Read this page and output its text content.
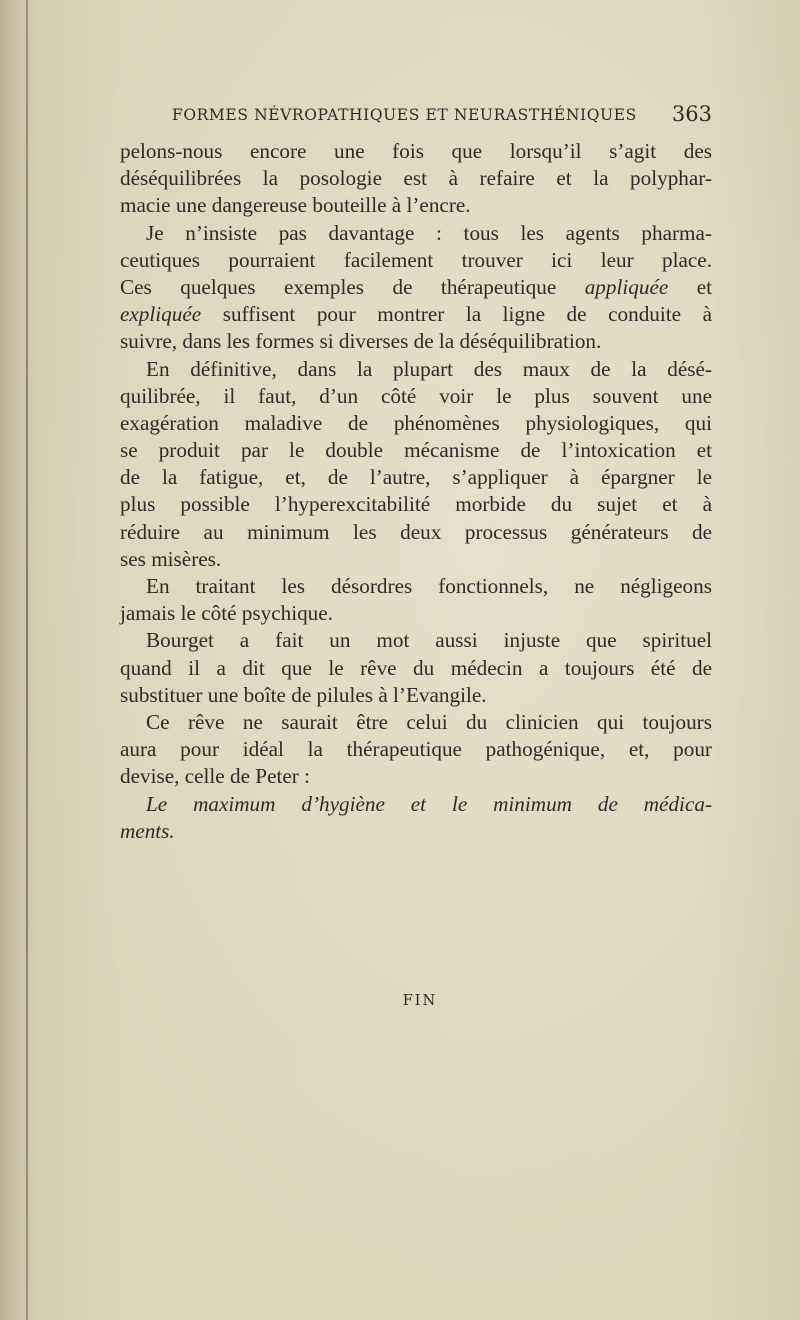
FORMES NÉVROPATHIQUES ET NEURASTHÉNIQUES 363
pelons-nous encore une fois que lorsqu’il s’agit des
déséquilibrées la posologie est à refaire et la polyphar-
macie une dangereuse bouteille à l’encre.
Je n’insiste pas davantage : tous les agents pharma-
ceutiques pourraient facilement trouver ici leur place.
Ces quelques exemples de thérapeutique appliquée et
expliquée suffisent pour montrer la ligne de conduite à
suivre, dans les formes si diverses de la déséquilibration.
En définitive, dans la plupart des maux de la désé-
quilibrée, il faut, d’un côté voir le plus souvent une
exagération maladive de phénomènes physiologiques, qui
se produit par le double mécanisme de l’intoxication et
de la fatigue, et, de l’autre, s’appliquer à épargner le
plus possible l’hyperexcitabilité morbide du sujet et à
réduire au minimum les deux processus générateurs de
ses misères.
En traitant les désordres fonctionnels, ne négligeons
jamais le côté psychique.
Bourget a fait un mot aussi injuste que spirituel
quand il a dit que le rêve du médecin a toujours été de
substituer une boîte de pilules à l’Evangile.
Ce rêve ne saurait être celui du clinicien qui toujours
aura pour idéal la thérapeutique pathogénique, et, pour
devise, celle de Peter :
Le maximum d’hygiène et le minimum de médica-
ments.
FIN
